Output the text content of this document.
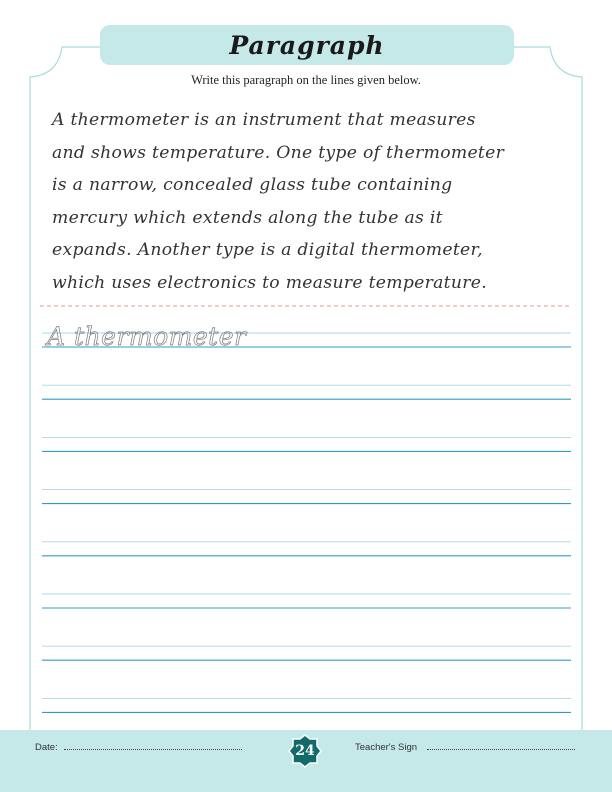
Paragraph
Write this paragraph on the lines given below.
A thermometer is an instrument that measures
and shows temperature. One type of thermometer
is a narrow, concealed glass tube containing
mercury which extends along the tube as it
expands. Another type is a digital thermometer,
which uses electronics to measure temperature.
A thermometer
Date:	Teacher's Sign
24
